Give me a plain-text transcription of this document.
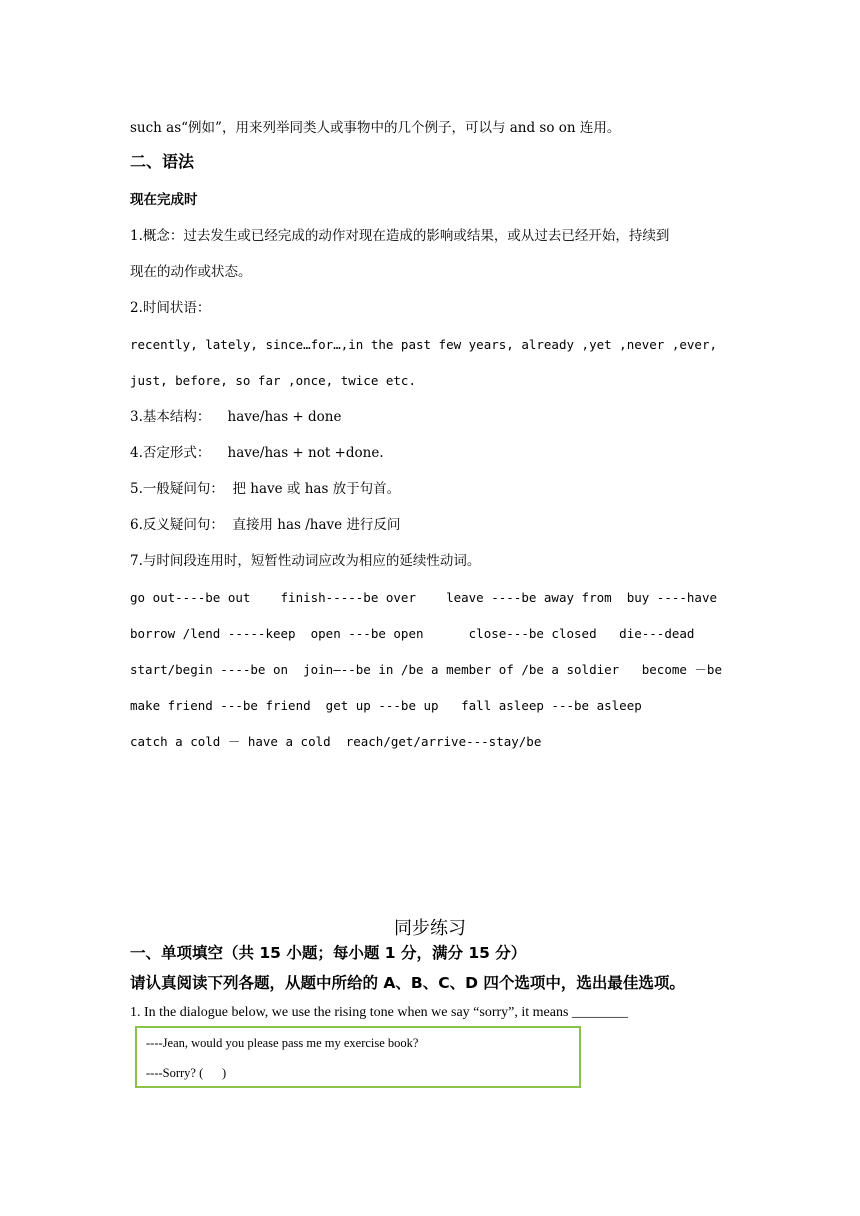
such as“例如”，用来列举同类人或事物中的几个例子，可以与 and so on 连用。
二、语法
现在完成时
1.概念：过去发生或已经完成的动作对现在造成的影响或结果，或从过去已经开始，持续到
现在的动作或状态。
2.时间状语：
recently, lately, since…for…,in the past few years, already ,yet ,never ,ever,
just, before, so far ,once, twice etc.
3.基本结构：    have/has + done
4.否定形式：    have/has + not +done.
5.一般疑问句：  把 have 或 has 放于句首。
6.反义疑问句：  直接用 has /have 进行反问
7.与时间段连用时，短暂性动词应改为相应的延续性动词。
go out----be out    finish-----be over    leave ----be away from  buy ----have
borrow /lend -----keep  open ---be open      close---be closed   die---dead
start/begin ----be on  join—--be in /be a member of /be a soldier   become －be
make friend ---be friend  get up ---be up   fall asleep ---be asleep
catch a cold － have a cold  reach/get/arrive---stay/be
同步练习
一、单项填空（共 15 小题；每小题 1 分，满分 15 分）
请认真阅读下列各题，从题中所给的 A、B、C、D 四个选项中，选出最佳选项。
1. In the dialogue below, we use the rising tone when we say “sorry”, it means ________
----Jean, would you please pass me my exercise book?
----Sorry? (      )
